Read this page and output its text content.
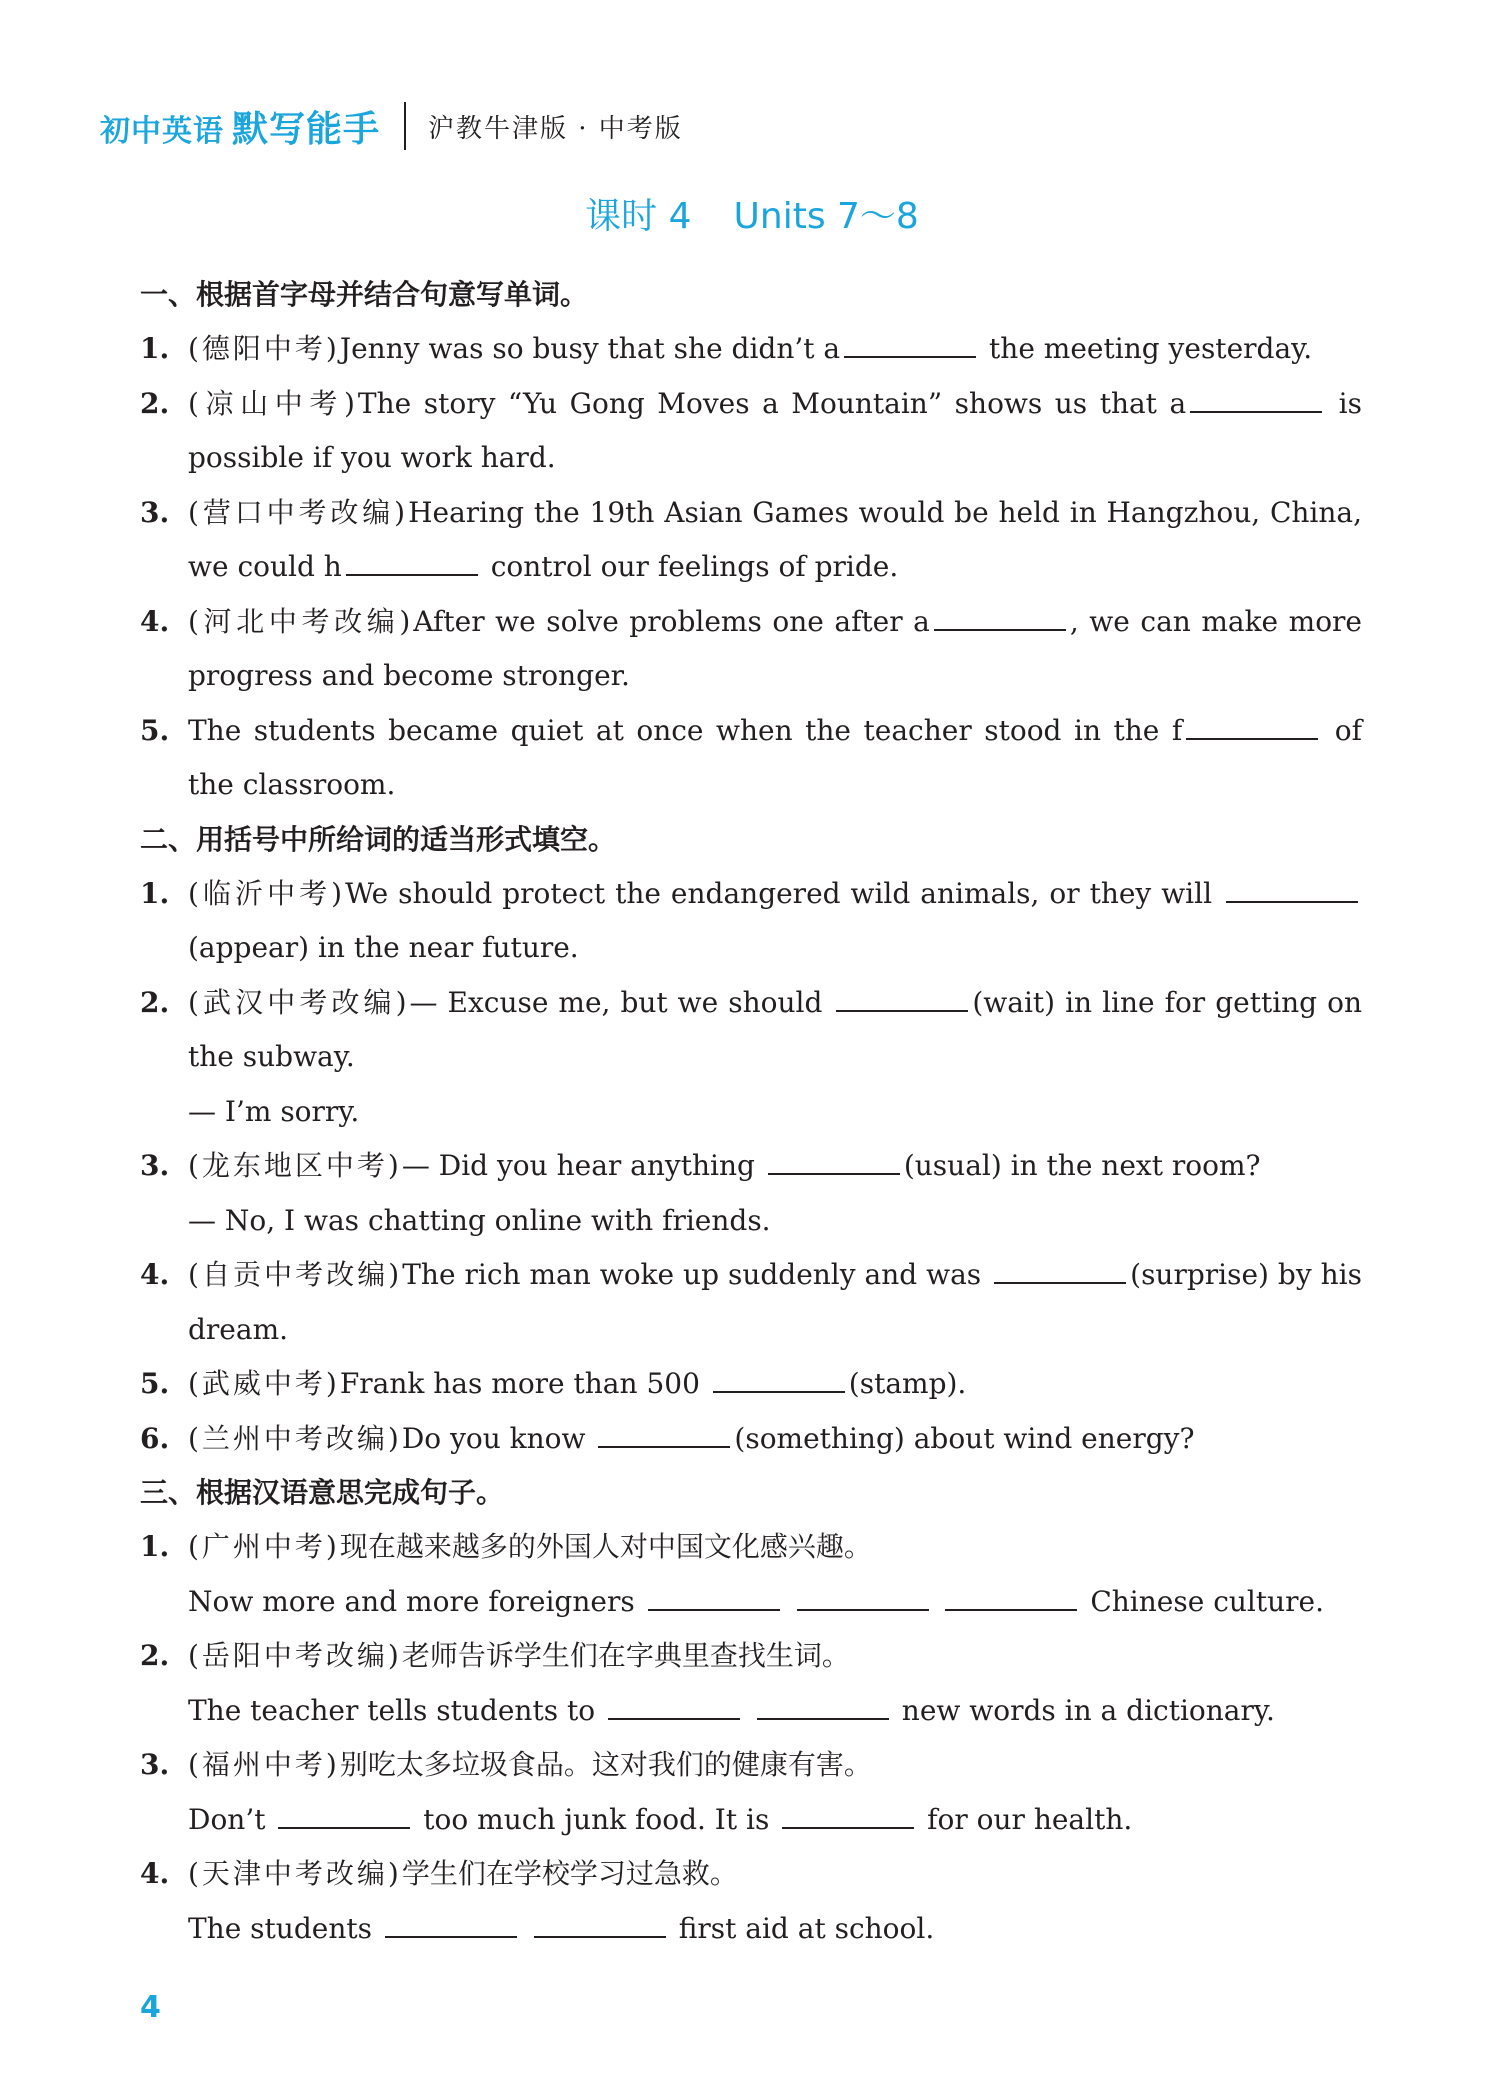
初中英语 默写能手 沪教牛津版 · 中考版
课时 4 Units 7～8
一、根据首字母并结合句意写单词。
1. (德阳中考)Jenny was so busy that she didn’t a	the meeting yesterday.
2. (凉山中考)The story “Yu Gong Moves a Mountain” shows us that a	is possible if you work hard.
3. (营口中考改编)Hearing the 19th Asian Games would be held in Hangzhou, China, we could h	control our feelings of pride.
4. (河北中考改编)After we solve problems one after a	, we can make more progress and become stronger.
5. The students became quiet at once when the teacher stood in the f	of the classroom.
二、用括号中所给词的适当形式填空。
1. (临沂中考)We should protect the endangered wild animals, or they will (appear) in the near future.
2. (武汉中考改编)— Excuse me, but we should	(wait) in line for getting on the subway.
— I’m sorry.
3. (龙东地区中考)— Did you hear anything	(usual) in the next room?
— No, I was chatting online with friends.
4. (自贡中考改编)The rich man woke up suddenly and was	(surprise) by his dream.
5. (武威中考)Frank has more than 500	(stamp).
6. (兰州中考改编)Do you know	(something) about wind energy?
三、根据汉语意思完成句子。
1. (广州中考)现在越来越多的外国人对中国文化感兴趣。
Now more and more foreigners	Chinese culture.
2. (岳阳中考改编)老师告诉学生们在字典里查找生词。
The teacher tells students to	new words in a dictionary.
3. (福州中考)别吃太多垃圾食品。这对我们的健康有害。
Don’t	too much junk food. It is	for our health.
4. (天津中考改编)学生们在学校学习过急救。
The students	first aid at school.
4
